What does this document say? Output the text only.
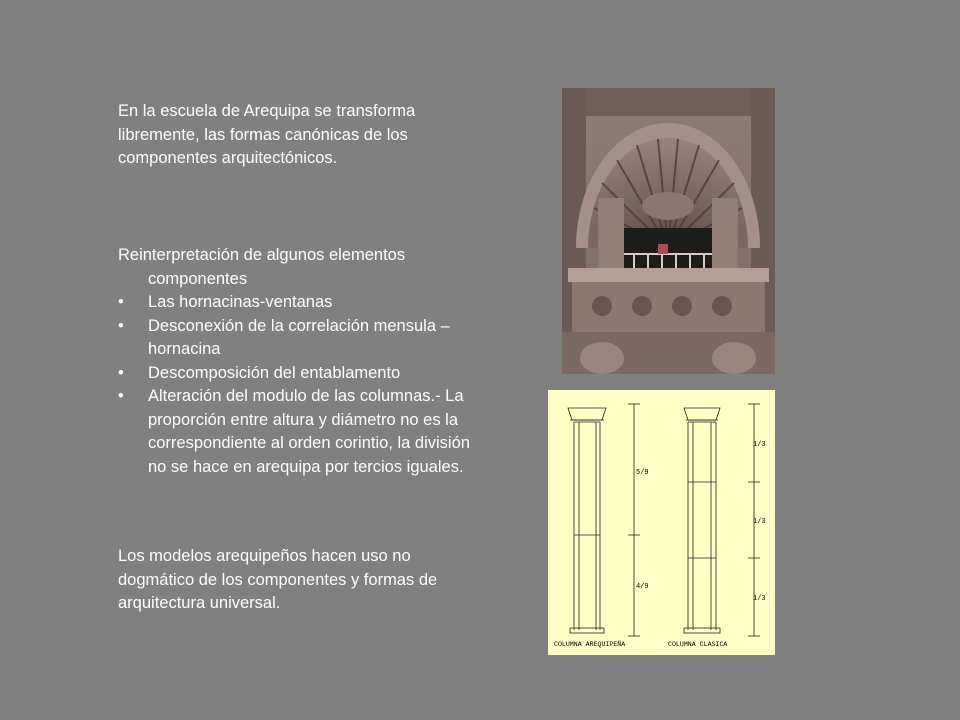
En la escuela de Arequipa se transforma
libremente, las formas canónicas de los
componentes arquitectónicos.
Reinterpretación de algunos elementos
componentes
• Las hornacinas-ventanas
• Desconexión de la correlación mensula –
hornacina
• Descomposición del entablamento
• Alteración del modulo de las columnas.- La
proporción entre altura y diámetro no es la
correspondiente al orden corintio, la división
no se hace en arequipa por tercios iguales.
Los modelos arequipeños hacen uso no
dogmático de los componentes y formas de
arquitectura universal.
5/9
4/9
1/3
1/3
1/3
COLUMNA AREQUIPEÑA	COLUMNA CLASICA
